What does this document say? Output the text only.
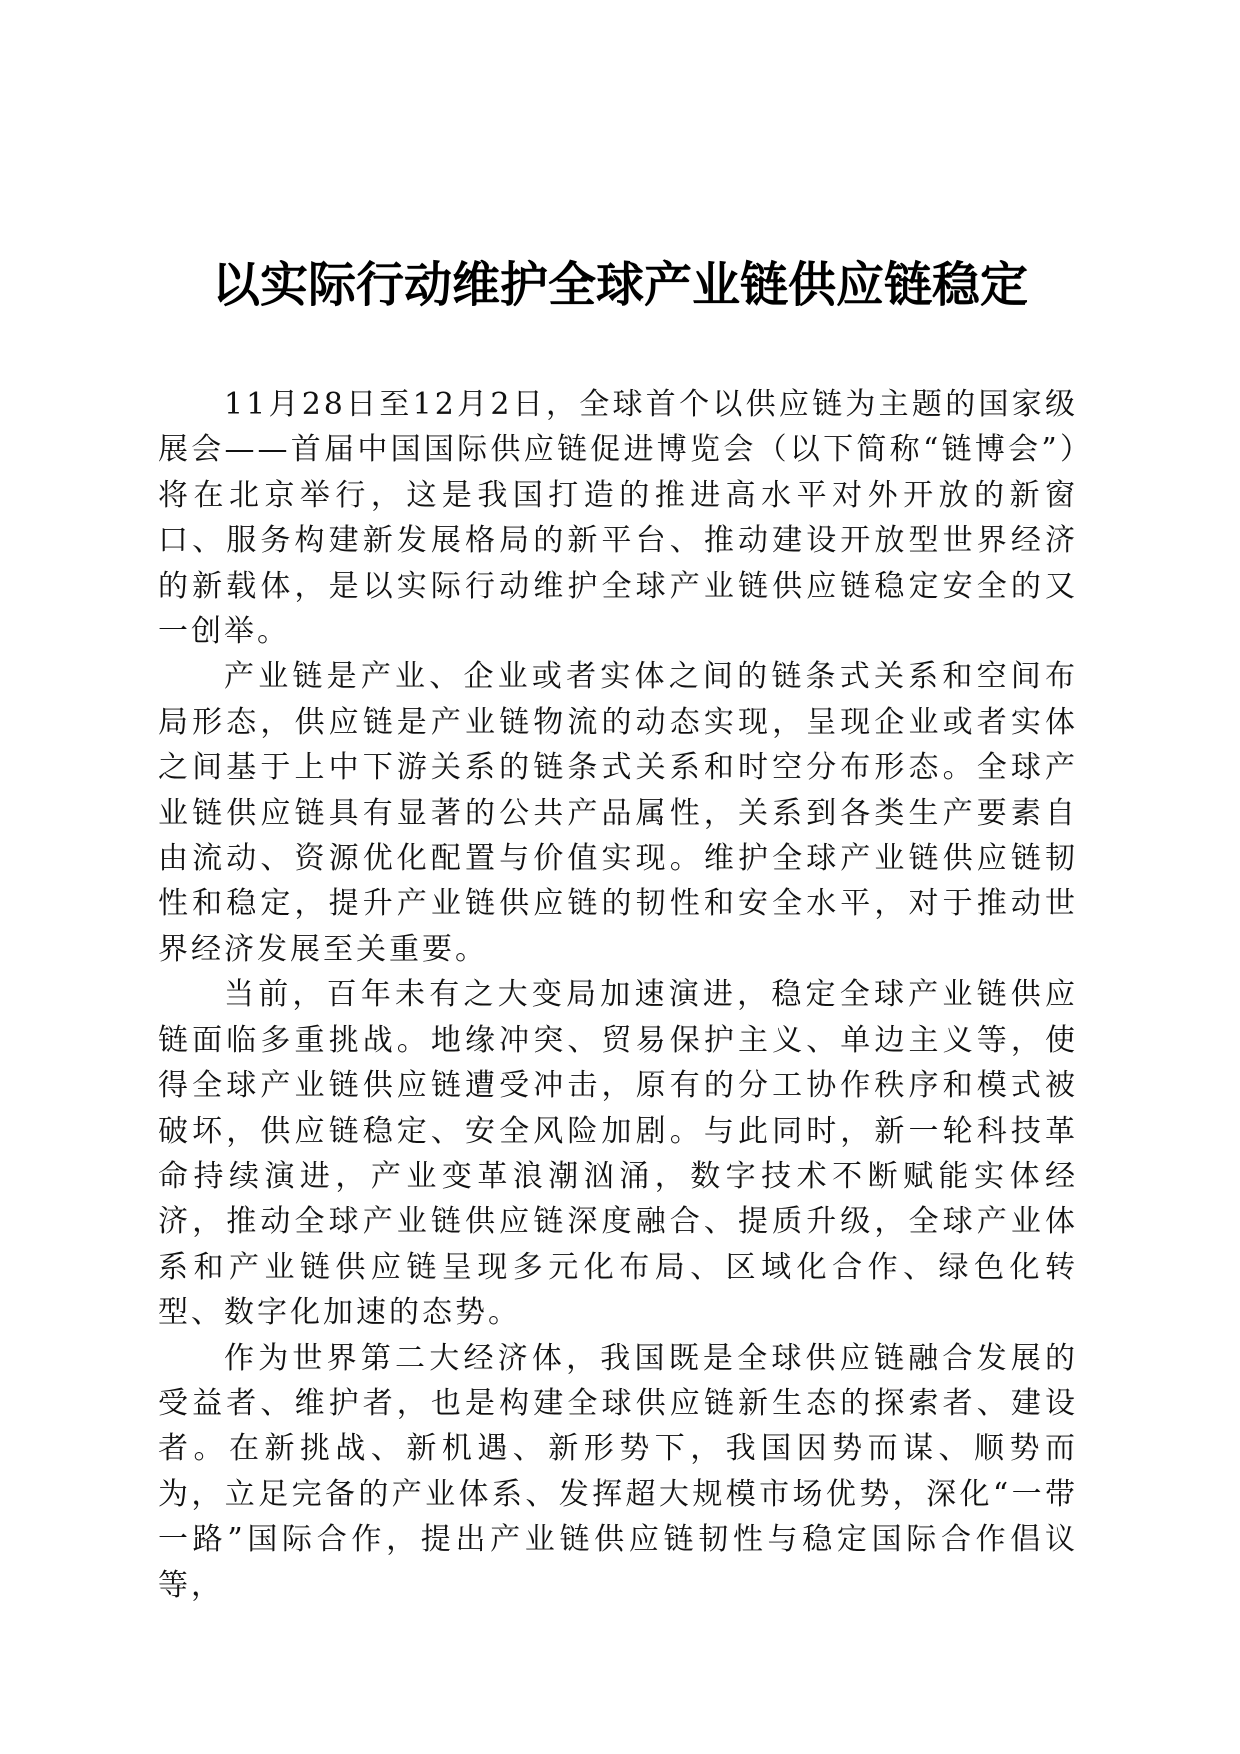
以实际行动维护全球产业链供应链稳定

11月28日至12月2日，全球首个以供应链为主题的国家级展会——首届中国国际供应链促进博览会（以下简称“链博会”）将在北京举行，这是我国打造的推进高水平对外开放的新窗口、服务构建新发展格局的新平台、推动建设开放型世界经济的新载体，是以实际行动维护全球产业链供应链稳定安全的又一创举。

产业链是产业、企业或者实体之间的链条式关系和空间布局形态，供应链是产业链物流的动态实现，呈现企业或者实体之间基于上中下游关系的链条式关系和时空分布形态。全球产业链供应链具有显著的公共产品属性，关系到各类生产要素自由流动、资源优化配置与价值实现。维护全球产业链供应链韧性和稳定，提升产业链供应链的韧性和安全水平，对于推动世界经济发展至关重要。

当前，百年未有之大变局加速演进，稳定全球产业链供应链面临多重挑战。地缘冲突、贸易保护主义、单边主义等，使得全球产业链供应链遭受冲击，原有的分工协作秩序和模式被破坏，供应链稳定、安全风险加剧。与此同时，新一轮科技革命持续演进，产业变革浪潮汹涌，数字技术不断赋能实体经济，推动全球产业链供应链深度融合、提质升级，全球产业体系和产业链供应链呈现多元化布局、区域化合作、绿色化转型、数字化加速的态势。

作为世界第二大经济体，我国既是全球供应链融合发展的受益者、维护者，也是构建全球供应链新生态的探索者、建设者。在新挑战、新机遇、新形势下，我国因势而谋、顺势而为，立足完备的产业体系、发挥超大规模市场优势，深化“一带一路”国际合作，提出产业链供应链韧性与稳定国际合作倡议等，
